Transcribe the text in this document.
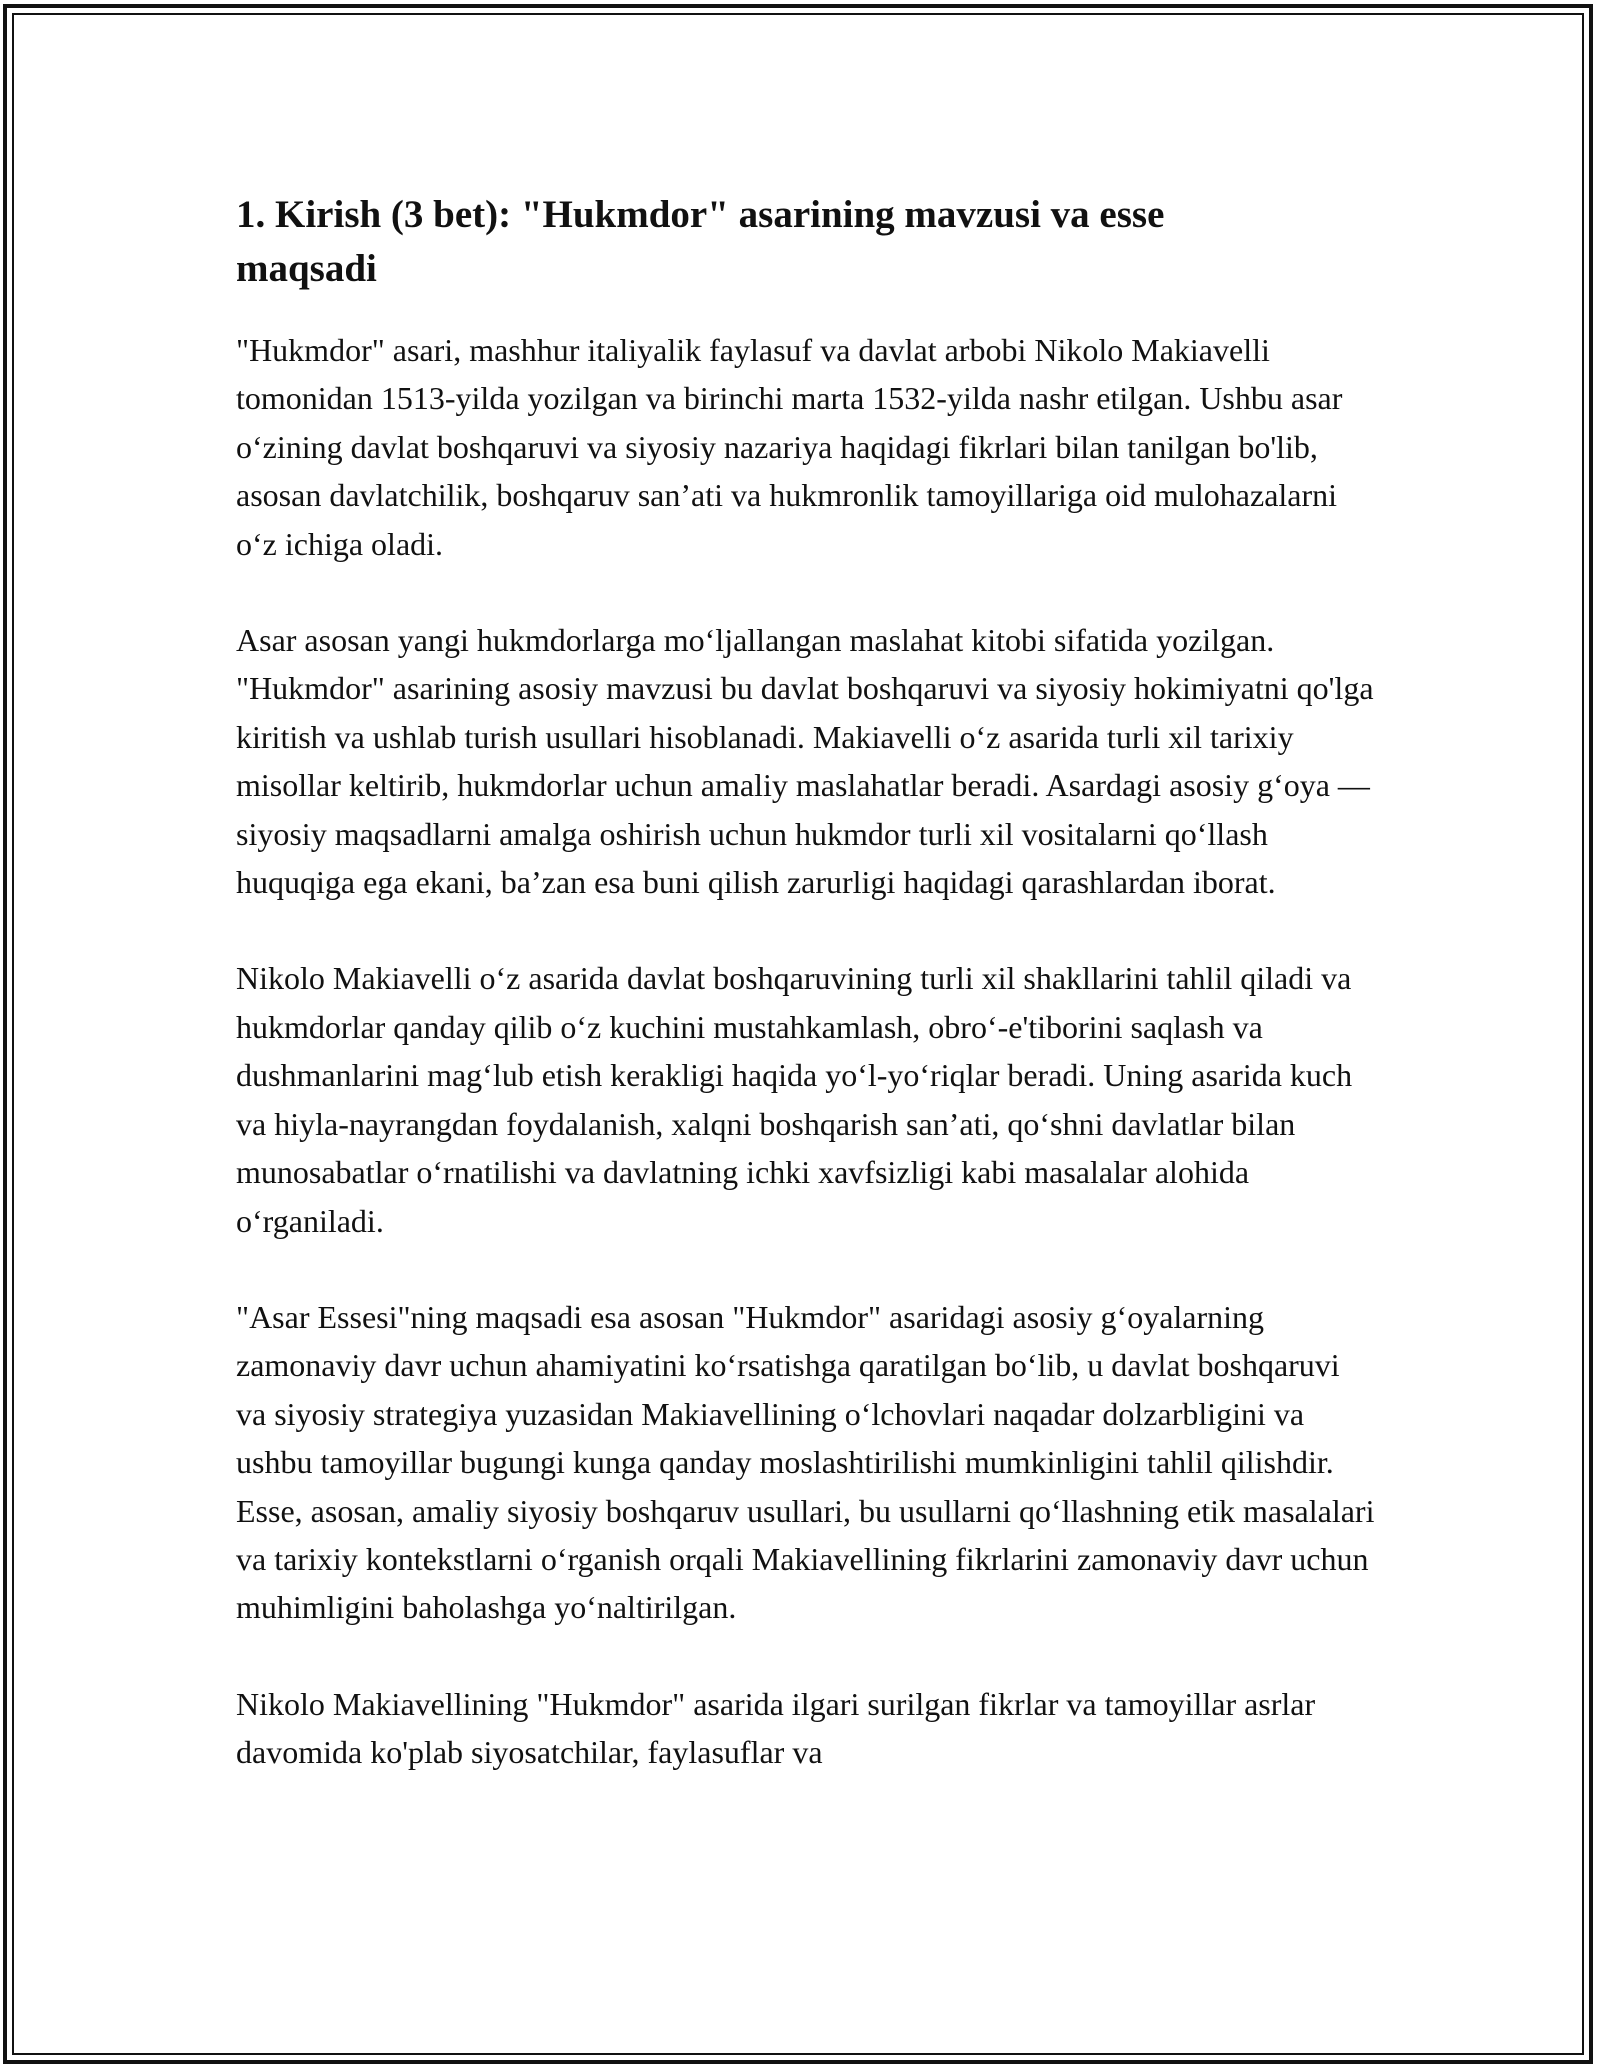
1. Kirish (3 bet): "Hukmdor" asarining mavzusi va esse maqsadi

"Hukmdor" asari, mashhur italiyalik faylasuf va davlat arbobi Nikolo Makiavelli tomonidan 1513-yilda yozilgan va birinchi marta 1532-yilda nashr etilgan. Ushbu asar o‘zining davlat boshqaruvi va siyosiy nazariya haqidagi fikrlari bilan tanilgan bo'lib, asosan davlatchilik, boshqaruv san’ati va hukmronlik tamoyillariga oid mulohazalarni o‘z ichiga oladi.

Asar asosan yangi hukmdorlarga mo‘ljallangan maslahat kitobi sifatida yozilgan. "Hukmdor" asarining asosiy mavzusi bu davlat boshqaruvi va siyosiy hokimiyatni qo'lga kiritish va ushlab turish usullari hisoblanadi. Makiavelli o‘z asarida turli xil tarixiy misollar keltirib, hukmdorlar uchun amaliy maslahatlar beradi. Asardagi asosiy g‘oya — siyosiy maqsadlarni amalga oshirish uchun hukmdor turli xil vositalarni qo‘llash huquqiga ega ekani, ba’zan esa buni qilish zarurligi haqidagi qarashlardan iborat.

Nikolo Makiavelli o‘z asarida davlat boshqaruvining turli xil shakllarini tahlil qiladi va hukmdorlar qanday qilib o‘z kuchini mustahkamlash, obro‘-e'tiborini saqlash va dushmanlarini mag‘lub etish kerakligi haqida yo‘l-yo‘riqlar beradi. Uning asarida kuch va hiyla-nayrangdan foydalanish, xalqni boshqarish san’ati, qo‘shni davlatlar bilan munosabatlar o‘rnatilishi va davlatning ichki xavfsizligi kabi masalalar alohida o‘rganiladi.

"Asar Essesi"ning maqsadi esa asosan "Hukmdor" asaridagi asosiy g‘oyalarning zamonaviy davr uchun ahamiyatini ko‘rsatishga qaratilgan bo‘lib, u davlat boshqaruvi va siyosiy strategiya yuzasidan Makiavellining o‘lchovlari naqadar dolzarbligini va ushbu tamoyillar bugungi kunga qanday moslashtirilishi mumkinligini tahlil qilishdir. Esse, asosan, amaliy siyosiy boshqaruv usullari, bu usullarni qo‘llashning etik masalalari va tarixiy kontekstlarni o‘rganish orqali Makiavellining fikrlarini zamonaviy davr uchun muhimligini baholashga yo‘naltirilgan.

Nikolo Makiavellining "Hukmdor" asarida ilgari surilgan fikrlar va tamoyillar asrlar davomida ko'plab siyosatchilar, faylasuflar va
